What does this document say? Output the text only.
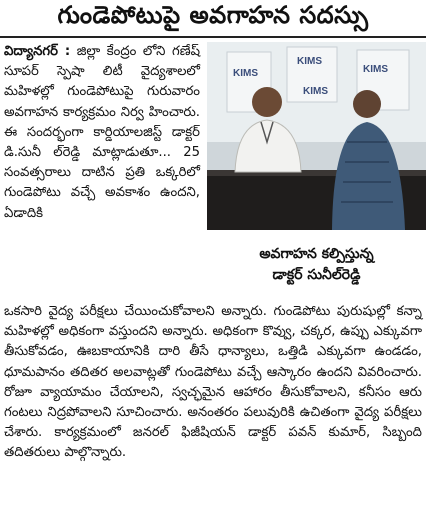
గుండెపోటుపై అవగాహన సదస్సు
విద్యానగర్ : జిల్లా కేంద్రం లోని గణేష్ సూపర్ స్పెషా లిటీ వైద్యశాలలో మహిళల్లో గుండెపోటుపై గురువారం అవగాహన కార్యక్రమం నిర్వ హించారు. ఈ సందర్భంగా కార్డియాలజిస్ట్ డాక్టర్ డి.సునీ ల్‌రెడ్డి మాట్లాడుతూ... 25 సంవత్సరాలు దాటిన ప్రతి ఒక్కరిలో గుండెపోటు వచ్చే అవకాశం ఉందని, ఏడాదికి
KIMS
KIMS
KIMS
KIMS
అవగాహన కల్పిస్తున్న
డాక్టర్ సునీల్‌రెడ్డి
ఒకసారి వైద్య పరీక్షలు చేయించుకోవాలని అన్నారు. గుండెపోటు పురుషుల్లో కన్నా మహిళల్లో అధికంగా వస్తుందని అన్నారు. అధికంగా కొవ్వు, చక్కర, ఉప్పు ఎక్కువగా తీసుకోవడం, ఊబకాయానికి దారి తీసే ధాన్యాలు, ఒత్తిడి ఎక్కువగా ఉండడం, ధూమపానం తదితర అలవాట్లతో గుండెపోటు వచ్చే ఆస్కారం ఉందని వివరించారు. రోజూ వ్యాయామం చేయాలని, స్వచ్ఛమైన ఆహారం తీసుకోవాలని, కనీసం ఆరు గంటలు నిద్రపోవాలని సూచించారు. అనంతరం పలువురికి ఉచితంగా వైద్య పరీక్షలు చేశారు. కార్యక్రమంలో జనరల్ ఫిజీషియన్ డాక్టర్ పవన్ కుమార్, సిబ్బంది తదితరులు పాల్గొన్నారు.
